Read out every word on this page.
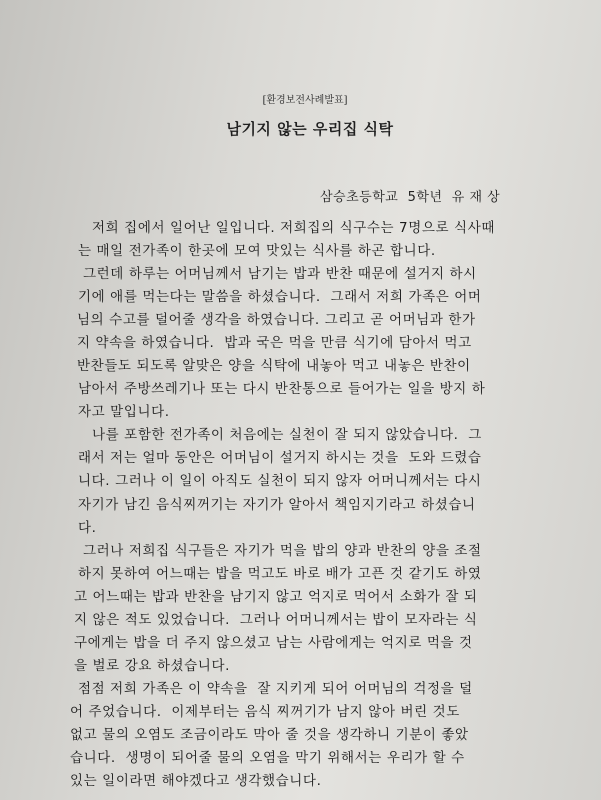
[환경보전사례발표]
남기지 않는 우리집 식탁
삼승초등학교  5학년  유 재 상
저희 집에서 일어난 일입니다. 저희집의 식구수는 7명으로 식사때
는 매일 전가족이 한곳에 모여 맛있는 식사를 하곤 합니다.
그런데 하루는 어머님께서 남기는 밥과 반찬 때문에 설거지 하시
기에 애를 먹는다는 말씀을 하셨습니다.  그래서 저희 가족은 어머
님의 수고를 덜어줄 생각을 하였습니다. 그리고 곧 어머님과 한가
지 약속을 하였습니다.  밥과 국은 먹을 만큼 식기에 담아서 먹고
반찬들도 되도록 알맞은 양을 식탁에 내놓아 먹고 내놓은 반찬이
남아서 주방쓰레기나 또는 다시 반찬통으로 들어가는 일을 방지 하
자고 말입니다.
나를 포함한 전가족이 처음에는 실천이 잘 되지 않았습니다.  그
래서 저는 얼마 동안은 어머님이 설거지 하시는 것을  도와 드렸습
니다. 그러나 이 일이 아직도 실천이 되지 않자 어머니께서는 다시
자기가 남긴 음식찌꺼기는 자기가 알아서 책임지기라고 하셨습니
다.
그러나 저희집 식구들은 자기가 먹을 밥의 양과 반찬의 양을 조절
하지 못하여 어느때는 밥을 먹고도 바로 배가 고픈 것 같기도 하였
고 어느때는 밥과 반찬을 남기지 않고 억지로 먹어서 소화가 잘 되
지 않은 적도 있었습니다.  그러나 어머니께서는 밥이 모자라는 식
구에게는 밥을 더 주지 않으셨고 남는 사람에게는 억지로 먹을 것
을 벌로 강요 하셨습니다.
점점 저희 가족은 이 약속을  잘 지키게 되어 어머님의 걱정을 덜
어 주었습니다.  이제부터는 음식 찌꺼기가 남지 않아 버린 것도
없고 물의 오염도 조금이라도 막아 줄 것을 생각하니 기분이 좋았
습니다.  생명이 되어줄 물의 오염을 막기 위해서는 우리가 할 수
있는 일이라면 해야겠다고 생각했습니다.
